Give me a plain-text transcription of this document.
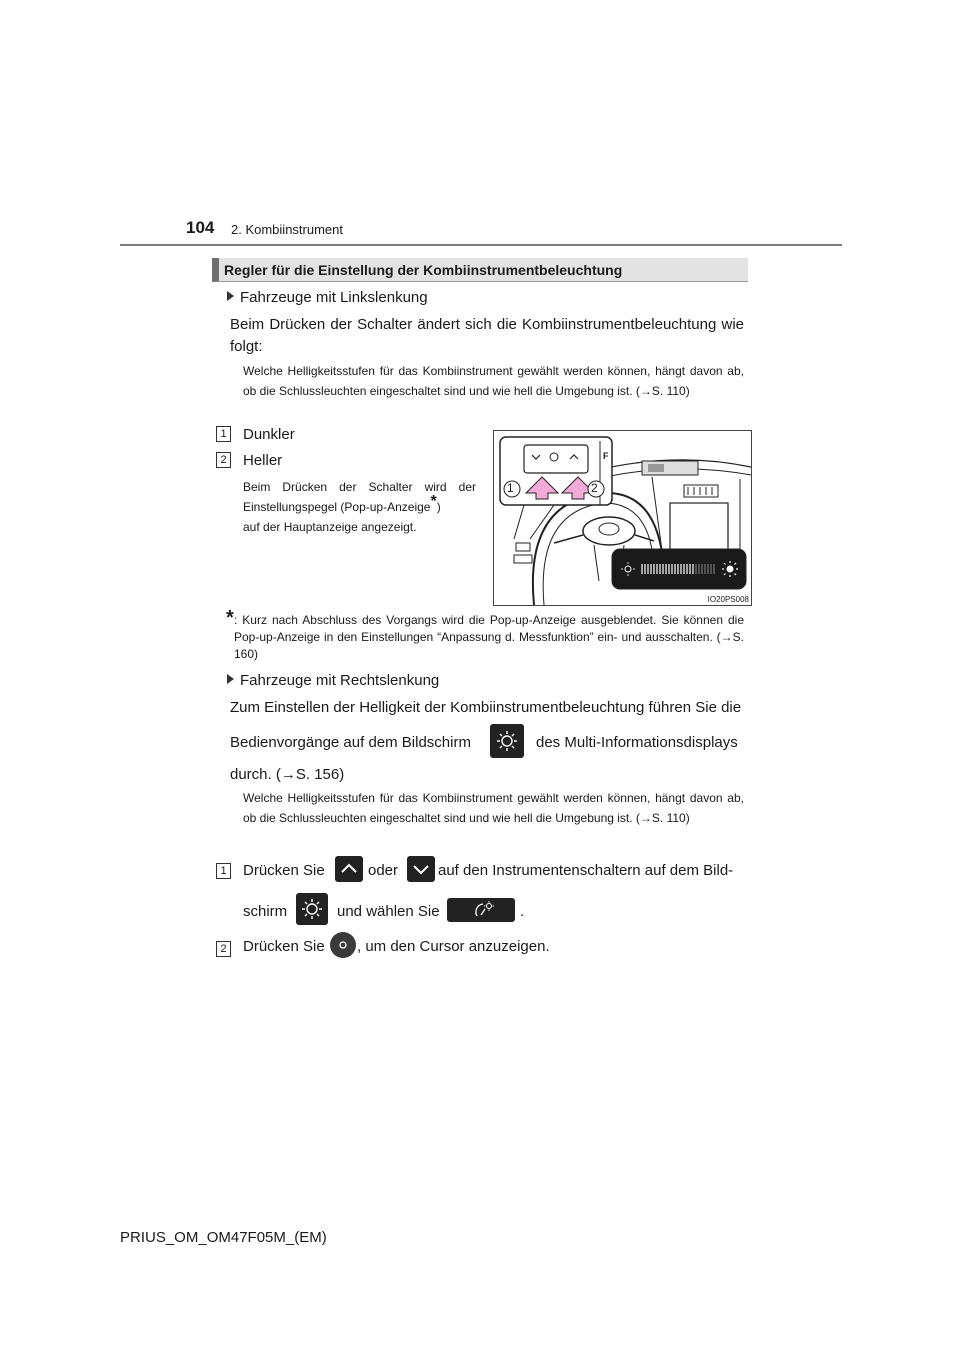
104 2. Kombiinstrument
Regler für die Einstellung der Kombiinstrumentbeleuchtung
Fahrzeuge mit Linkslenkung
Beim Drücken der Schalter ändert sich die Kombiinstrumentbeleuchtung wie folgt:
Welche Helligkeitsstufen für das Kombiinstrument gewählt werden können, hängt davon ab, ob die Schlussleuchten eingeschaltet sind und wie hell die Umgebung ist. (→S. 110)
1 Dunkler
2 Heller
Beim Drücken der Schalter wird der Einstellungspegel (Pop-up-Anzeige*)
auf der Hauptanzeige angezeigt.
F
1	2
IO20PS008
* : Kurz nach Abschluss des Vorgangs wird die Pop-up-Anzeige ausgeblendet. Sie können die Pop-up-Anzeige in den Einstellungen “Anpassung d. Messfunktion” ein- und ausschalten. (→S. 160)
Fahrzeuge mit Rechtslenkung
Zum Einstellen der Helligkeit der Kombiinstrumentbeleuchtung führen Sie die
Bedienvorgänge auf dem Bildschirm	des Multi-Informationsdisplays
durch. (→S. 156)
Welche Helligkeitsstufen für das Kombiinstrument gewählt werden können, hängt davon ab, ob die Schlussleuchten eingeschaltet sind und wie hell die Umgebung ist. (→S. 110)
1 Drücken Sie	oder	auf den Instrumentenschaltern auf dem Bild-
schirm	und wählen Sie	.
2 Drücken Sie , um den Cursor anzuzeigen.
PRIUS_OM_OM47F05M_(EM)
